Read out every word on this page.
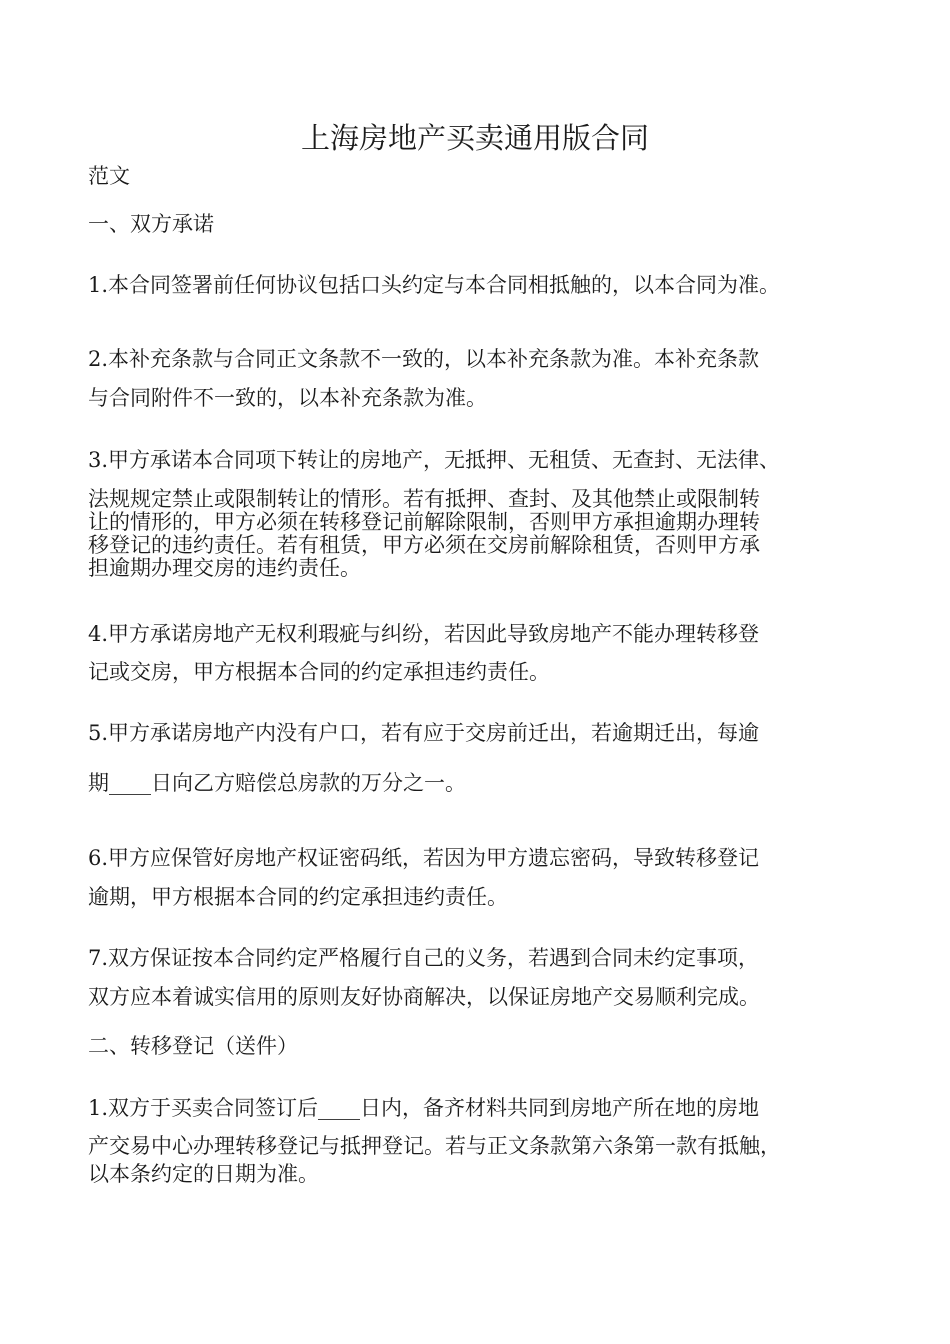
上海房地产买卖通用版合同
范文
一、双方承诺
1.本合同签署前任何协议包括口头约定与本合同相抵触的，以本合同为准。
2.本补充条款与合同正文条款不一致的，以本补充条款为准。本补充条款
与合同附件不一致的，以本补充条款为准。
3.甲方承诺本合同项下转让的房地产，无抵押、无租赁、无查封、无法律、
法规规定禁止或限制转让的情形。若有抵押、查封、及其他禁止或限制转
让的情形的，甲方必须在转移登记前解除限制，否则甲方承担逾期办理转
移登记的违约责任。若有租赁，甲方必须在交房前解除租赁，否则甲方承
担逾期办理交房的违约责任。
4.甲方承诺房地产无权利瑕疵与纠纷，若因此导致房地产不能办理转移登
记或交房，甲方根据本合同的约定承担违约责任。
5.甲方承诺房地产内没有户口，若有应于交房前迁出，若逾期迁出，每逾
期____日向乙方赔偿总房款的万分之一。
6.甲方应保管好房地产权证密码纸，若因为甲方遗忘密码，导致转移登记
逾期，甲方根据本合同的约定承担违约责任。
7.双方保证按本合同约定严格履行自己的义务，若遇到合同未约定事项，
双方应本着诚实信用的原则友好协商解决，以保证房地产交易顺利完成。
二、转移登记（送件）
1.双方于买卖合同签订后____日内，备齐材料共同到房地产所在地的房地
产交易中心办理转移登记与抵押登记。若与正文条款第六条第一款有抵触，
以本条约定的日期为准。
